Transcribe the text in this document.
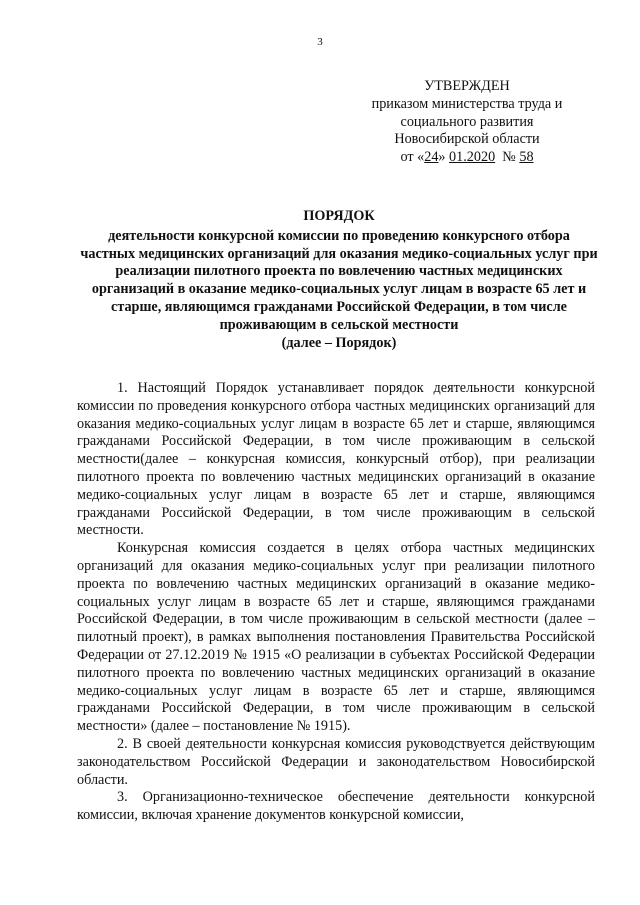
3
УТВЕРЖДЕН
приказом министерства труда и
социального развития
Новосибирской области
от «24» 01.2020  № 58
ПОРЯДОК
деятельности конкурсной комиссии по проведению конкурсного отбора частных медицинских организаций для оказания медико-социальных услуг при реализации пилотного проекта по вовлечению частных медицинских организаций в оказание медико-социальных услуг лицам в возрасте 65 лет и старше, являющимся гражданами Российской Федерации, в том числе проживающим в сельской местности
(далее – Порядок)

1. Настоящий Порядок устанавливает порядок деятельности конкурсной комиссии по проведения конкурсного отбора частных медицинских организаций для оказания медико-социальных услуг лицам в возрасте 65 лет и старше, являющимся гражданами Российской Федерации, в том числе проживающим в сельской местности(далее – конкурсная комиссия, конкурсный отбор), при реализации пилотного проекта по вовлечению частных медицинских организаций в оказание медико-социальных услуг лицам в возрасте 65 лет и старше, являющимся гражданами Российской Федерации, в том числе проживающим в сельской местности.

Конкурсная комиссия создается в целях отбора частных медицинских организаций для оказания медико-социальных услуг при реализации пилотного проекта по вовлечению частных медицинских организаций в оказание медико-социальных услуг лицам в возрасте 65 лет и старше, являющимся гражданами Российской Федерации, в том числе проживающим в сельской местности (далее – пилотный проект), в рамках выполнения постановления Правительства Российской Федерации от 27.12.2019 № 1915 «О реализации в субъектах Российской Федерации пилотного проекта по вовлечению частных медицинских организаций в оказание медико-социальных услуг лицам в возрасте 65 лет и старше, являющимся гражданами Российской Федерации, в том числе проживающим в сельской местности» (далее – постановление № 1915).

2. В своей деятельности конкурсная комиссия руководствуется действующим законодательством Российской Федерации и законодательством Новосибирской области.

3. Организационно-техническое обеспечение деятельности конкурсной комиссии, включая хранение документов конкурсной комиссии,
